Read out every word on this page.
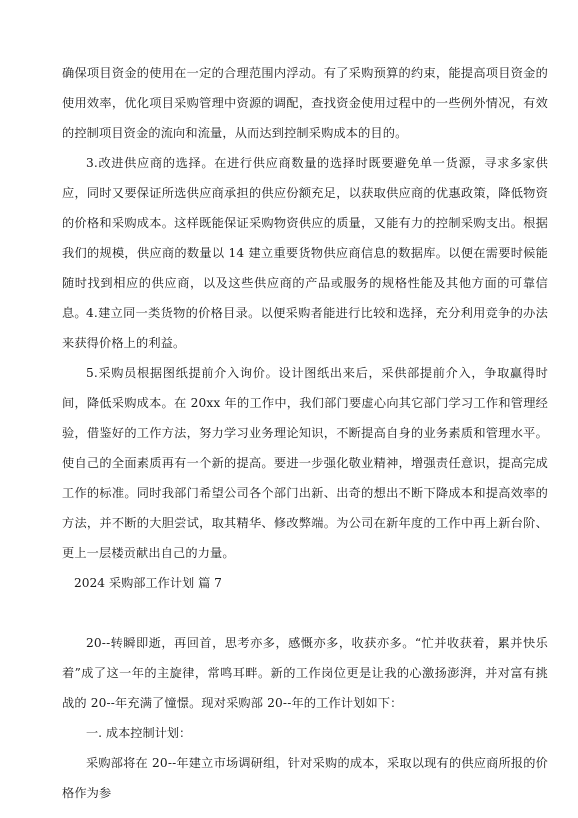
确保项目资金的使用在一定的合理范围内浮动。有了采购预算的约束，能提高项目资金的使用效率，优化项目采购管理中资源的调配，查找资金使用过程中的一些例外情况，有效的控制项目资金的流向和流量，从而达到控制采购成本的目的。

3.改进供应商的选择。在进行供应商数量的选择时既要避免单一货源，寻求多家供应，同时又要保证所选供应商承担的供应份额充足，以获取供应商的优惠政策，降低物资的价格和采购成本。这样既能保证采购物资供应的质量，又能有力的控制采购支出。根据我们的规模，供应商的数量以 14 建立重要货物供应商信息的数据库。以便在需要时候能随时找到相应的供应商，以及这些供应商的产品或服务的规格性能及其他方面的可靠信息。 4.建立同一类货物的价格目录。以便采购者能进行比较和选择，充分利用竞争的办法来获得价格上的利益。

5.采购员根据图纸提前介入询价。设计图纸出来后，采供部提前介入，争取赢得时间，降低采购成本。在 20xx 年的工作中，我们部门要虚心向其它部门学习工作和管理经验，借鉴好的工作方法，努力学习业务理论知识，不断提高自身的业务素质和管理水平。使自己的全面素质再有一个新的提高。要进一步强化敬业精神，增强责任意识，提高完成工作的标准。同时我部门希望公司各个部门出新、出奇的想出不断下降成本和提高效率的方法，并不断的大胆尝试，取其精华、修改弊端。为公司在新年度的工作中再上新台阶、更上一层楼贡献出自己的力量。

2024 采购部工作计划 篇 7

20--转瞬即逝，再回首，思考亦多，感慨亦多，收获亦多。“忙并收获着，累并快乐着”成了这一年的主旋律，常鸣耳畔。新的工作岗位更是让我的心激扬澎湃，并对富有挑战的 20--年充满了憧憬。现对采购部 20--年的工作计划如下：

一. 成本控制计划：

采购部将在 20--年建立市场调研组，针对采购的成本，采取以现有的供应商所报的价格作为参
